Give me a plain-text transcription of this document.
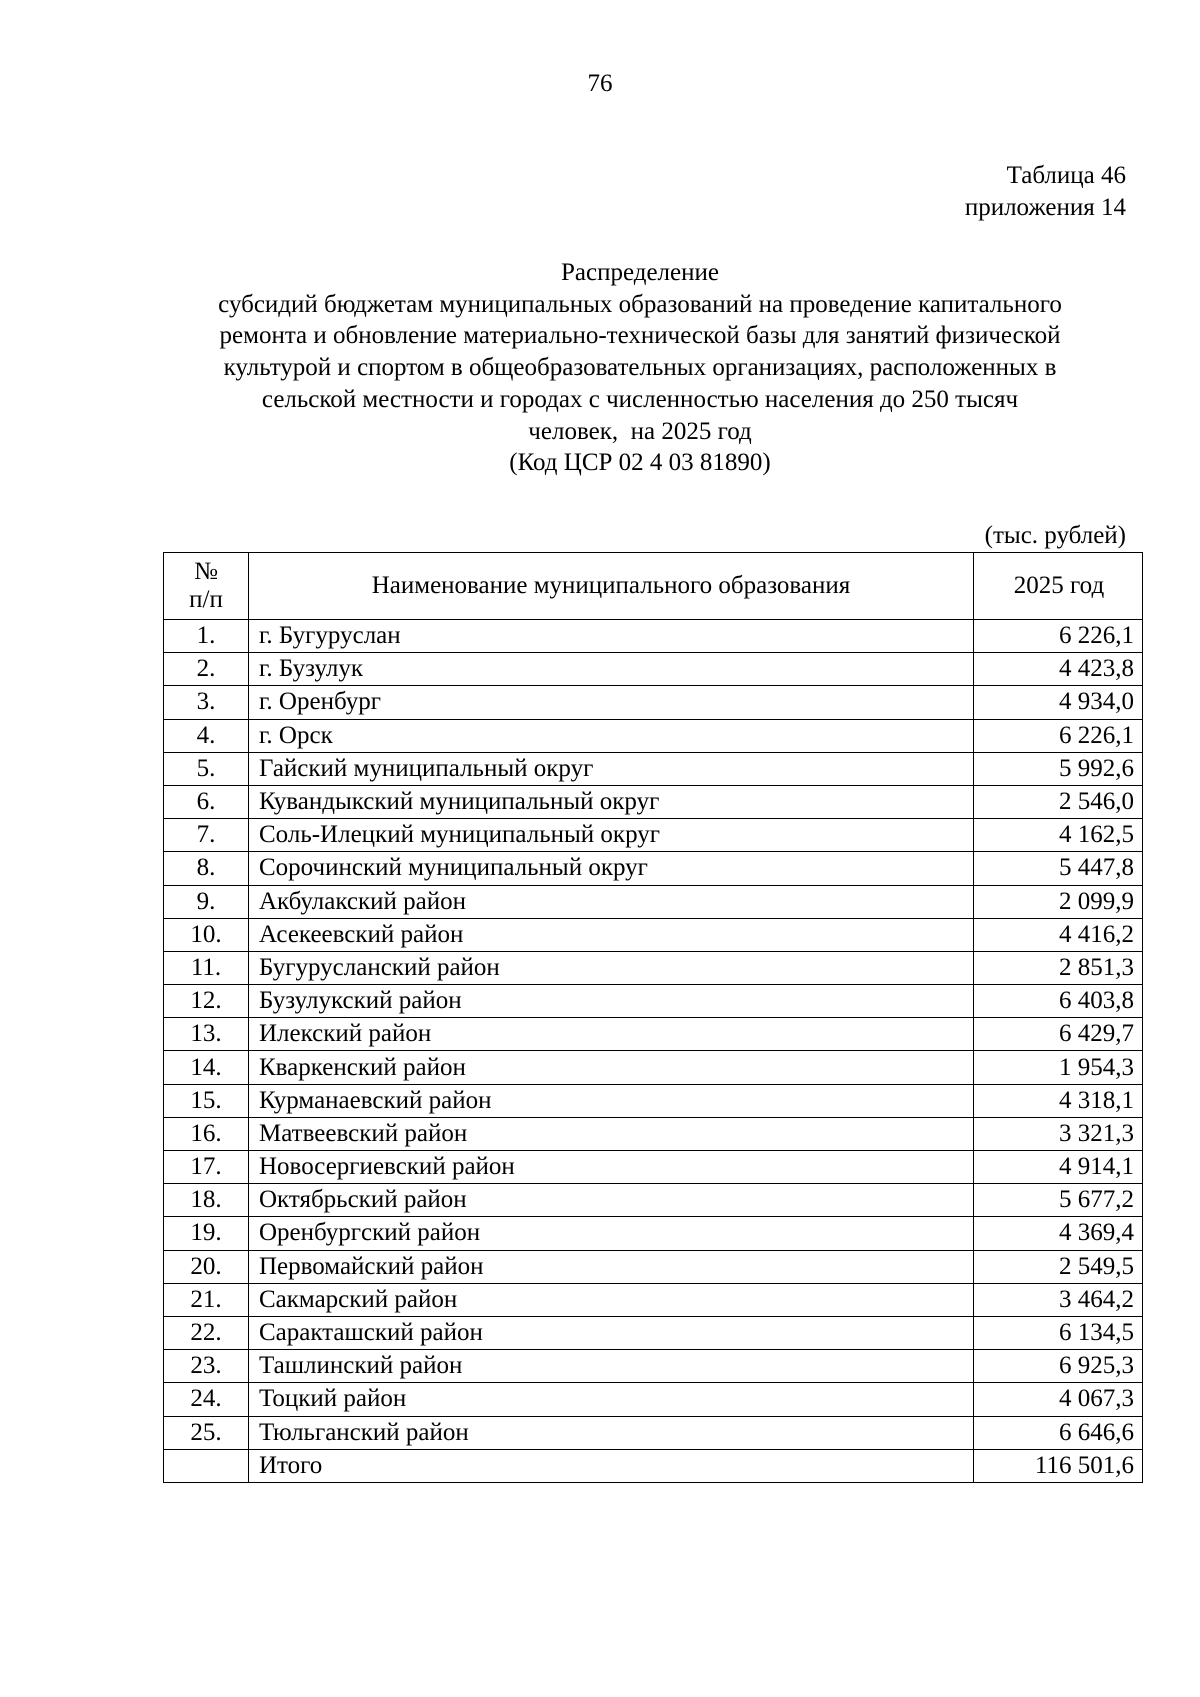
76
Таблица 46
приложения 14
Распределение
субсидий бюджетам муниципальных образований на проведение капитального
ремонта и обновление материально-технической базы для занятий физической
культурой и спортом в общеобразовательных организациях, расположенных в
сельской местности и городах с численностью населения до 250 тысяч
человек,  на 2025 год
(Код ЦСР 02 4 03 81890)
(тыс. рублей)
№
п/п	Наименование муниципального образования	2025 год
1.	г. Бугуруслан	6 226,1
2.	г. Бузулук	4 423,8
3.	г. Оренбург	4 934,0
4.	г. Орск	6 226,1
5.	Гайский муниципальный округ	5 992,6
6.	Кувандыкский муниципальный округ	2 546,0
7.	Соль-Илецкий муниципальный округ	4 162,5
8.	Сорочинский муниципальный округ	5 447,8
9.	Акбулакский район	2 099,9
10.	Асекеевский район	4 416,2
11.	Бугурусланский район	2 851,3
12.	Бузулукский район	6 403,8
13.	Илекский район	6 429,7
14.	Кваркенский район	1 954,3
15.	Курманаевский район	4 318,1
16.	Матвеевский район	3 321,3
17.	Новосергиевский район	4 914,1
18.	Октябрьский район	5 677,2
19.	Оренбургский район	4 369,4
20.	Первомайский район	2 549,5
21.	Сакмарский район	3 464,2
22.	Саракташский район	6 134,5
23.	Ташлинский район	6 925,3
24.	Тоцкий район	4 067,3
25.	Тюльганский район	6 646,6
	Итого	116 501,6
